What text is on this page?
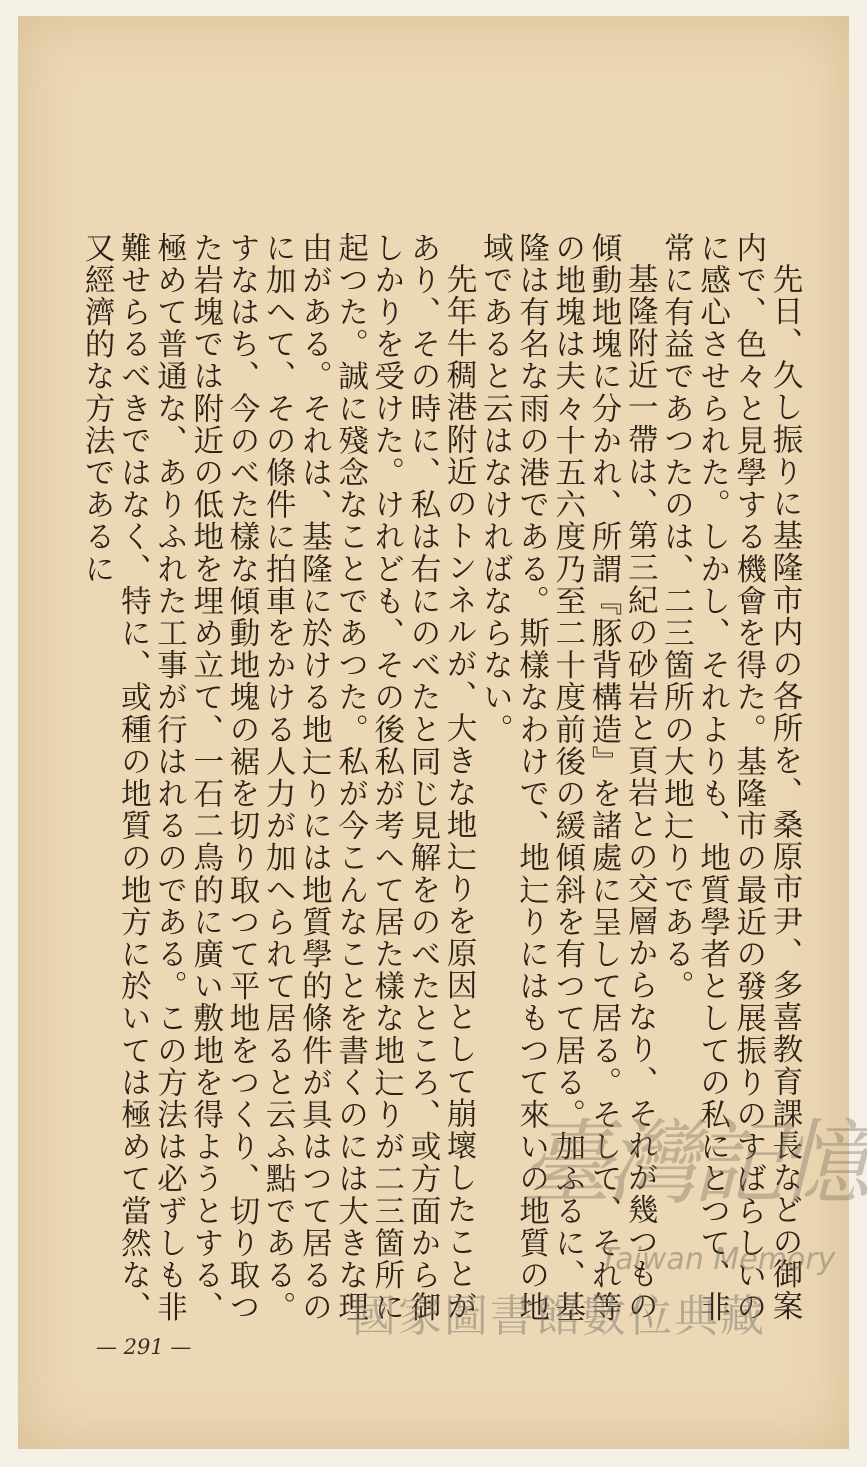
先日、久し振りに基隆市内の各所を、桑原市尹、多喜教育課長などの御案内で、色々と見學する機會を得た。基隆市の最近の發展振りのすばらしいのに感心させられた。しかし、それよりも、地質學者としての私にとつて、非常に有益であつたのは、二三箇所の大地辷りである。

基隆附近一帶は、第三紀の砂岩と頁岩との交層からなり、それが幾つもの傾動地塊に分かれ、所謂『豚背構造』を諸處に呈して居る。そして、それ等の地塊は夫々十五六度乃至二十度前後の緩傾斜を有つて居る。加ふるに、基隆は有名な雨の港である。斯樣なわけで、地辷りにはもつて來いの地質の地域であると云はなければならない。

先年牛稠港附近のトンネルが、大きな地辷りを原因として崩壞したことがあり、その時に、私は右にのべたと同じ見解をのべたところ、或方面から御しかりを受けた。けれども、その後私が考へて居た樣な地辷りが二三箇所に起つた。誠に殘念なことであつた。私が今こんなことを書くのには大きな理由がある。それは、基隆に於ける地辷りには地質學的條件が具はつて居るのに加へて、その條件に拍車をかける人力が加へられて居ると云ふ點である。すなはち、今のべた樣な傾動地塊の裾を切り取つて平地をつくり、切り取つた岩塊では附近の低地を埋め立て、一石二鳥的に廣い敷地を得ようとする、極めて普通な、ありふれた工事が行はれるのである。この方法は必ずしも非難せらるべきではなく、特に、或種の地質の地方に於いては極めて當然な、又經濟的な方法であるに

— 291 —
臺灣記憶
Taiwan Memory
國家圖書館數位典藏
